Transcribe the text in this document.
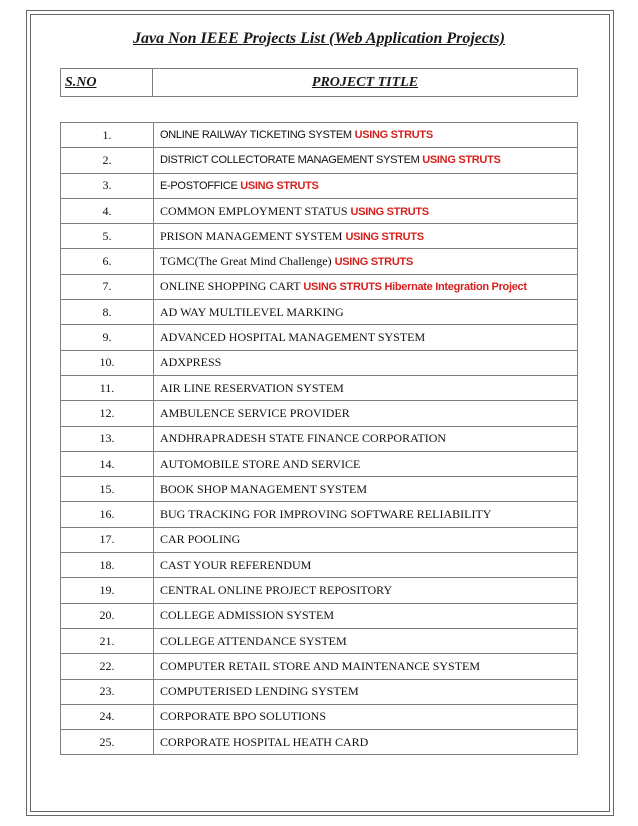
Java Non IEEE Projects List (Web Application Projects)
S.NO	PROJECT TITLE
1.	ONLINE RAILWAY TICKETING SYSTEM USING STRUTS
2.	DISTRICT COLLECTORATE MANAGEMENT SYSTEM USING STRUTS
3.	E-POSTOFFICE USING STRUTS
4.	COMMON EMPLOYMENT STATUS USING STRUTS
5.	PRISON MANAGEMENT SYSTEM USING STRUTS
6.	TGMC(The Great Mind Challenge) USING STRUTS
7.	ONLINE SHOPPING CART USING STRUTS Hibernate Integration Project
8.	AD WAY MULTILEVEL MARKING
9.	ADVANCED HOSPITAL MANAGEMENT SYSTEM
10.	ADXPRESS
11.	AIR LINE RESERVATION SYSTEM
12.	AMBULENCE SERVICE PROVIDER
13.	ANDHRAPRADESH STATE FINANCE CORPORATION
14.	AUTOMOBILE STORE AND SERVICE
15.	BOOK SHOP MANAGEMENT SYSTEM
16.	BUG TRACKING FOR IMPROVING SOFTWARE RELIABILITY
17.	CAR POOLING
18.	CAST YOUR REFERENDUM
19.	CENTRAL ONLINE PROJECT REPOSITORY
20.	COLLEGE ADMISSION SYSTEM
21.	COLLEGE ATTENDANCE SYSTEM
22.	COMPUTER RETAIL STORE AND MAINTENANCE SYSTEM
23.	COMPUTERISED LENDING SYSTEM
24.	CORPORATE BPO SOLUTIONS
25.	CORPORATE HOSPITAL HEATH CARD
